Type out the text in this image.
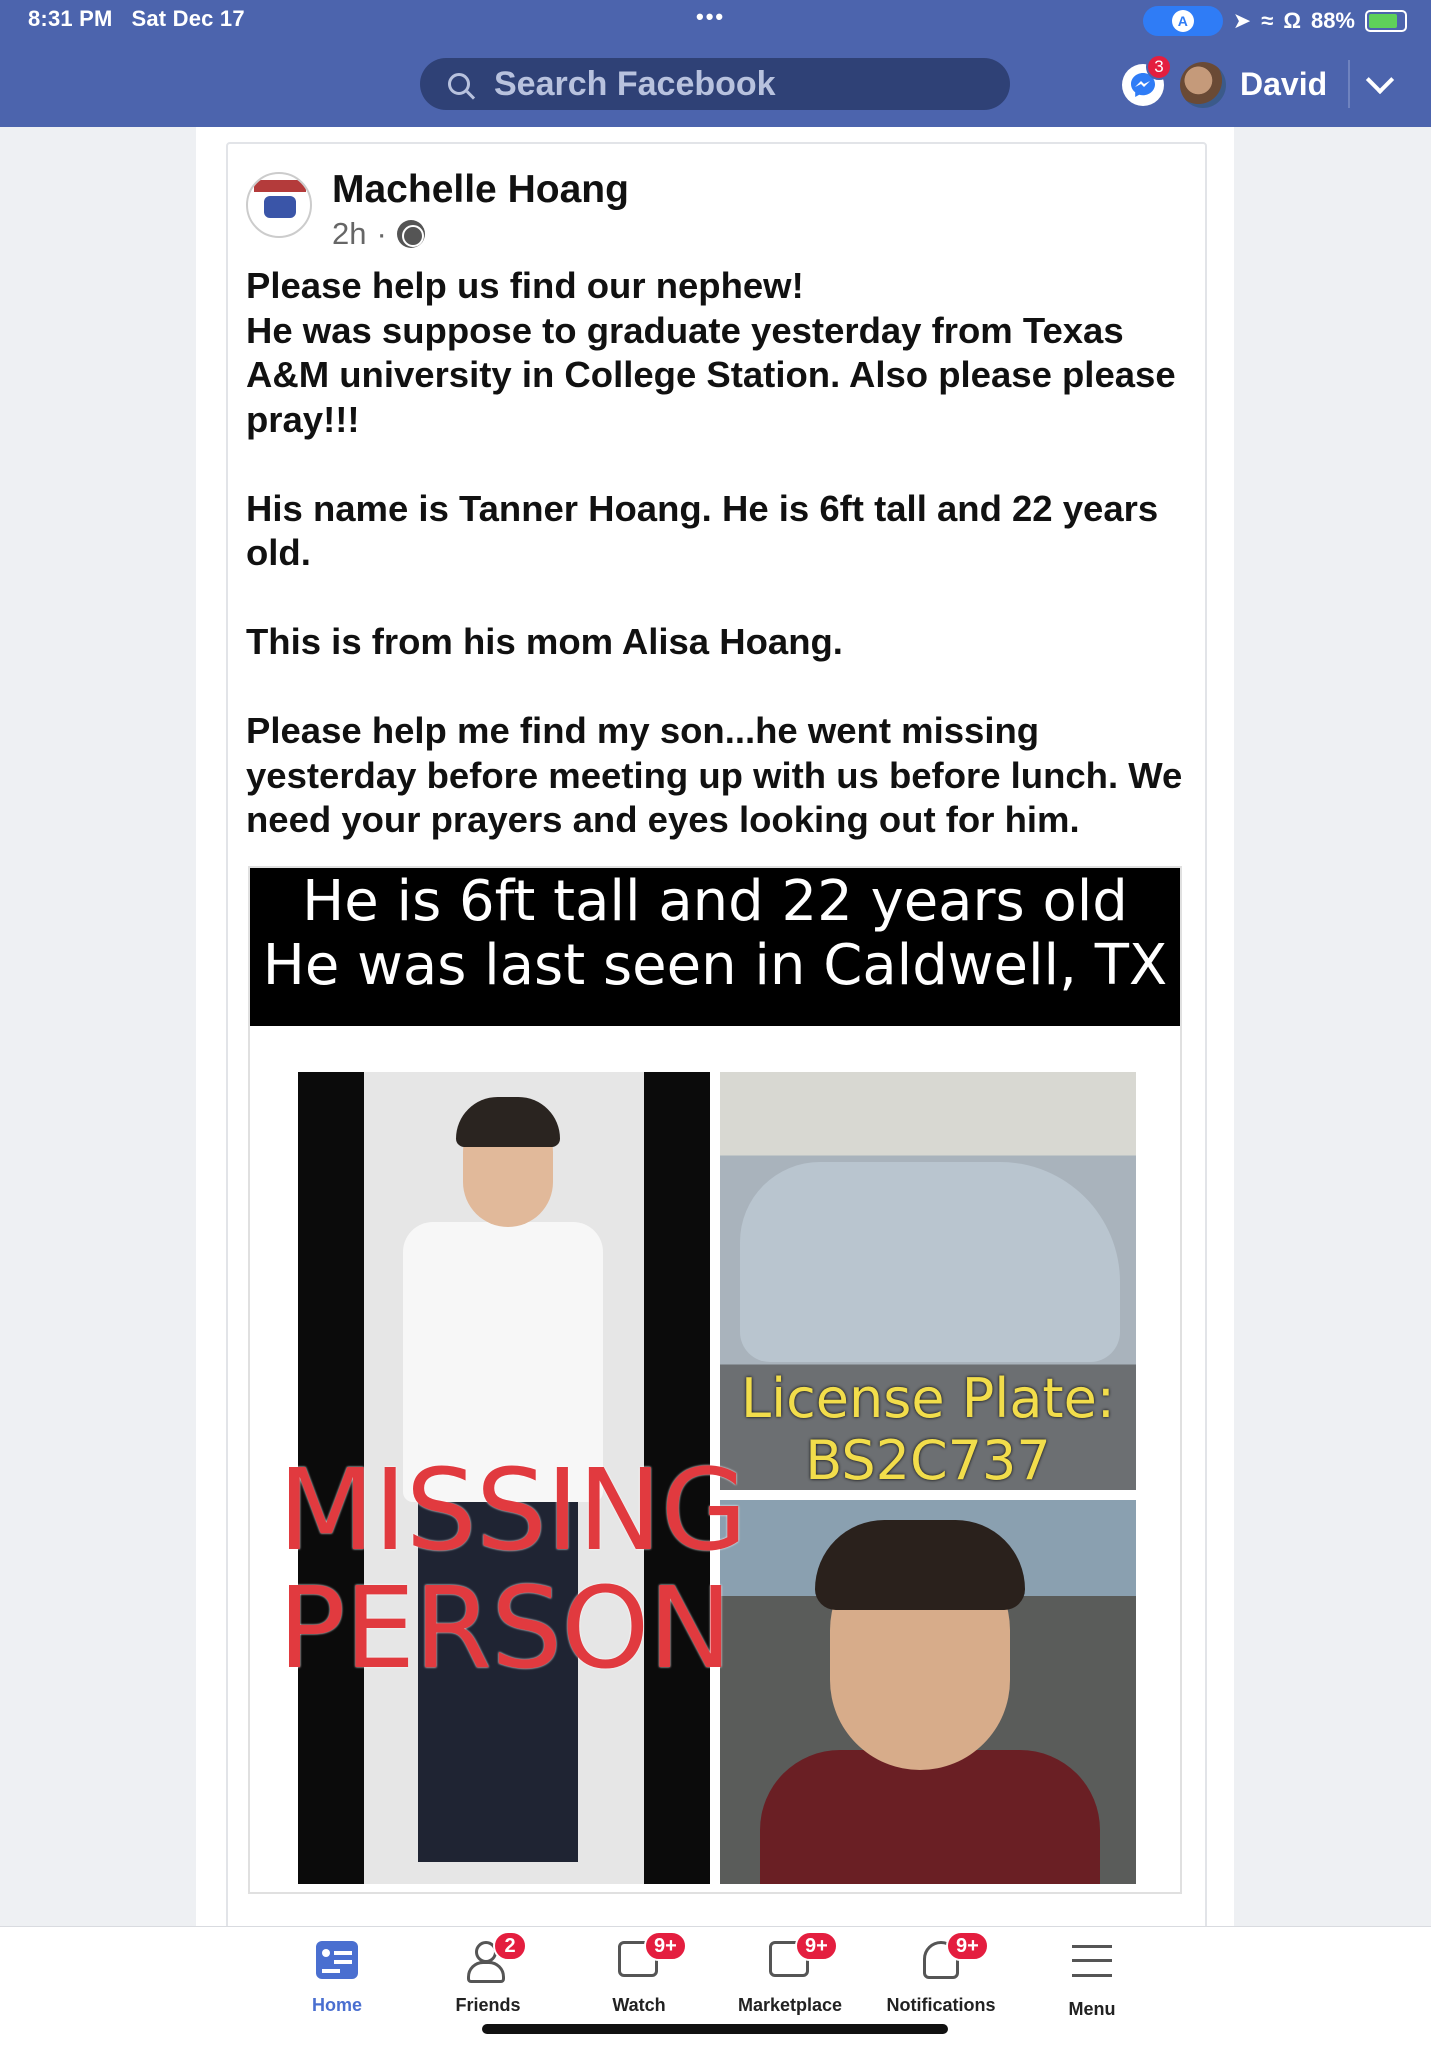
8:31 PM Sat Dec 17	•••	A ➤ ≈ Ω 88%
Search Facebook	3 David
Machelle Hoang
2h ·

Please help us find our nephew!

He was suppose to graduate yesterday from Texas A&M university in College Station. Also please please pray!!!

His name is Tanner Hoang. He is 6ft tall and 22 years old.

This is from his mom Alisa Hoang.

Please help me find my son...he went missing yesterday before meeting up with us before lunch. We need your prayers and eyes looking out for him.

He is 6ft tall and 22 years old
He was last seen in Caldwell, TX
License Plate:
BS2C737
MISSING
PERSON
Home
2
Friends
9+
Watch
9+
Marketplace
9+
Notifications	Menu
